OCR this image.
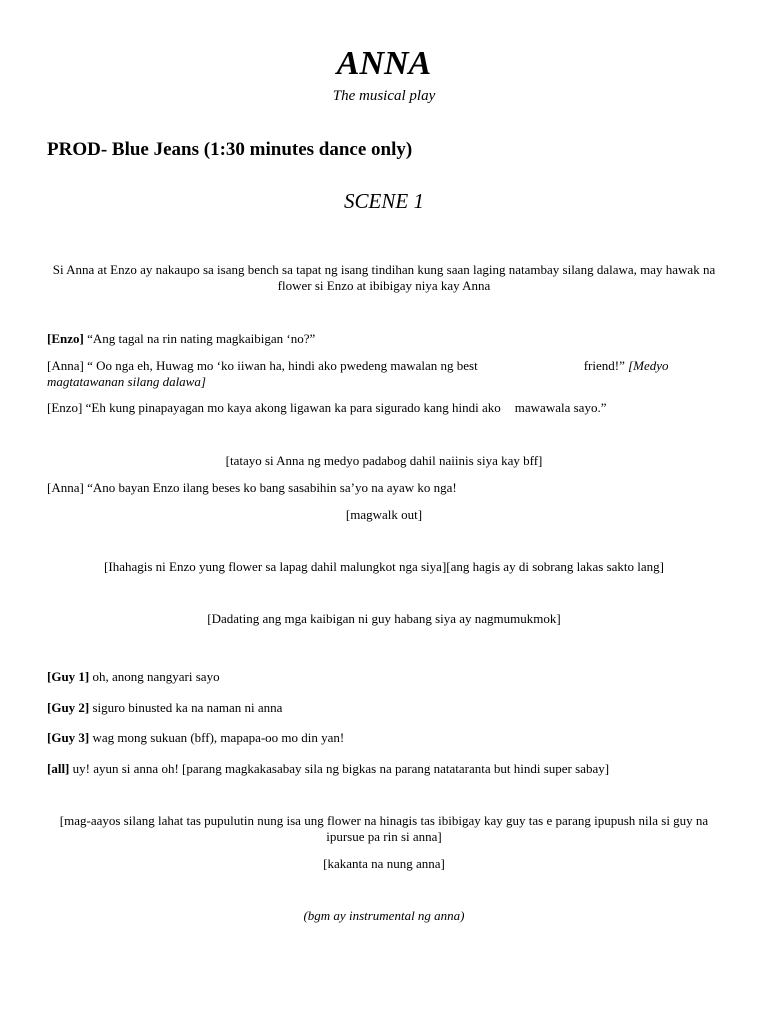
ANNA
The musical play
PROD- Blue Jeans (1:30 minutes dance only)
SCENE 1
Si Anna at Enzo ay nakaupo sa isang bench sa tapat ng isang tindihan kung saan laging natambay silang dalawa, may hawak na flower si Enzo at ibibigay niya kay Anna
[Enzo] “Ang tagal na rin nating magkaibigan ‘no?”
[Anna] “ Oo nga eh, Huwag mo ‘ko iiwan ha, hindi ako pwedeng mawalan ng best	friend!” [Medyo magtatawanan silang dalawa]
[Enzo] “Eh kung pinapayagan mo kaya akong ligawan ka para sigurado kang hindi ako mawawala sayo.”
[tatayo si Anna ng medyo padabog dahil naiinis siya kay bff]
[Anna] “Ano bayan Enzo ilang beses ko bang sasabihin sa’yo na ayaw ko nga!
[magwalk out]
[Ihahagis ni Enzo yung flower sa lapag dahil malungkot nga siya][ang hagis ay di sobrang lakas sakto lang]
[Dadating ang mga kaibigan ni guy habang siya ay nagmumukmok]
[Guy 1] oh, anong nangyari sayo
[Guy 2] siguro binusted ka na naman ni anna
[Guy 3] wag mong sukuan (bff), mapapa-oo mo din yan!
[all] uy! ayun si anna oh! [parang magkakasabay sila ng bigkas na parang natataranta but hindi super sabay]
[mag-aayos silang lahat tas pupulutin nung isa ung flower na hinagis tas ibibigay kay guy tas e parang ipupush nila si guy na ipursue pa rin si anna]
[kakanta na nung anna]
(bgm ay instrumental ng anna)
